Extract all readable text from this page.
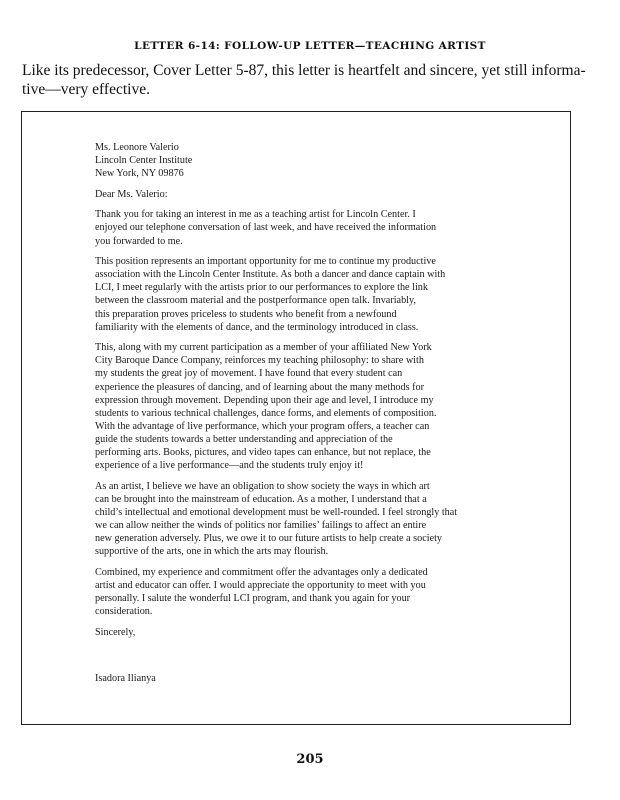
LETTER 6-14: FOLLOW-UP LETTER—TEACHING ARTIST
Like its predecessor, Cover Letter 5-87, this letter is heartfelt and sincere, yet still informa- tive—very effective.
Ms. Leonore Valerio
Lincoln Center Institute
New York, NY 09876

Dear Ms. Valerio:

Thank you for taking an interest in me as a teaching artist for Lincoln Center. I
enjoyed our telephone conversation of last week, and have received the information
you forwarded to me.

This position represents an important opportunity for me to continue my productive
association with the Lincoln Center Institute. As both a dancer and dance captain with
LCI, I meet regularly with the artists prior to our performances to explore the link
between the classroom material and the postperformance open talk. Invariably,
this preparation proves priceless to students who benefit from a newfound
familiarity with the elements of dance, and the terminology introduced in class.

This, along with my current participation as a member of your affiliated New York
City Baroque Dance Company, reinforces my teaching philosophy: to share with
my students the great joy of movement. I have found that every student can
experience the pleasures of dancing, and of learning about the many methods for
expression through movement. Depending upon their age and level, I introduce my
students to various technical challenges, dance forms, and elements of composition.
With the advantage of live performance, which your program offers, a teacher can
guide the students towards a better understanding and appreciation of the
performing arts. Books, pictures, and video tapes can enhance, but not replace, the
experience of a live performance—and the students truly enjoy it!

As an artist, I believe we have an obligation to show society the ways in which art
can be brought into the mainstream of education. As a mother, I understand that a
child’s intellectual and emotional development must be well-rounded. I feel strongly that
we can allow neither the winds of politics nor families’ failings to affect an entire
new generation adversely. Plus, we owe it to our future artists to help create a society
supportive of the arts, one in which the arts may flourish.

Combined, my experience and commitment offer the advantages only a dedicated
artist and educator can offer. I would appreciate the opportunity to meet with you
personally. I salute the wonderful LCI program, and thank you again for your
consideration.

Sincerely,

Isadora Ilianya

205
